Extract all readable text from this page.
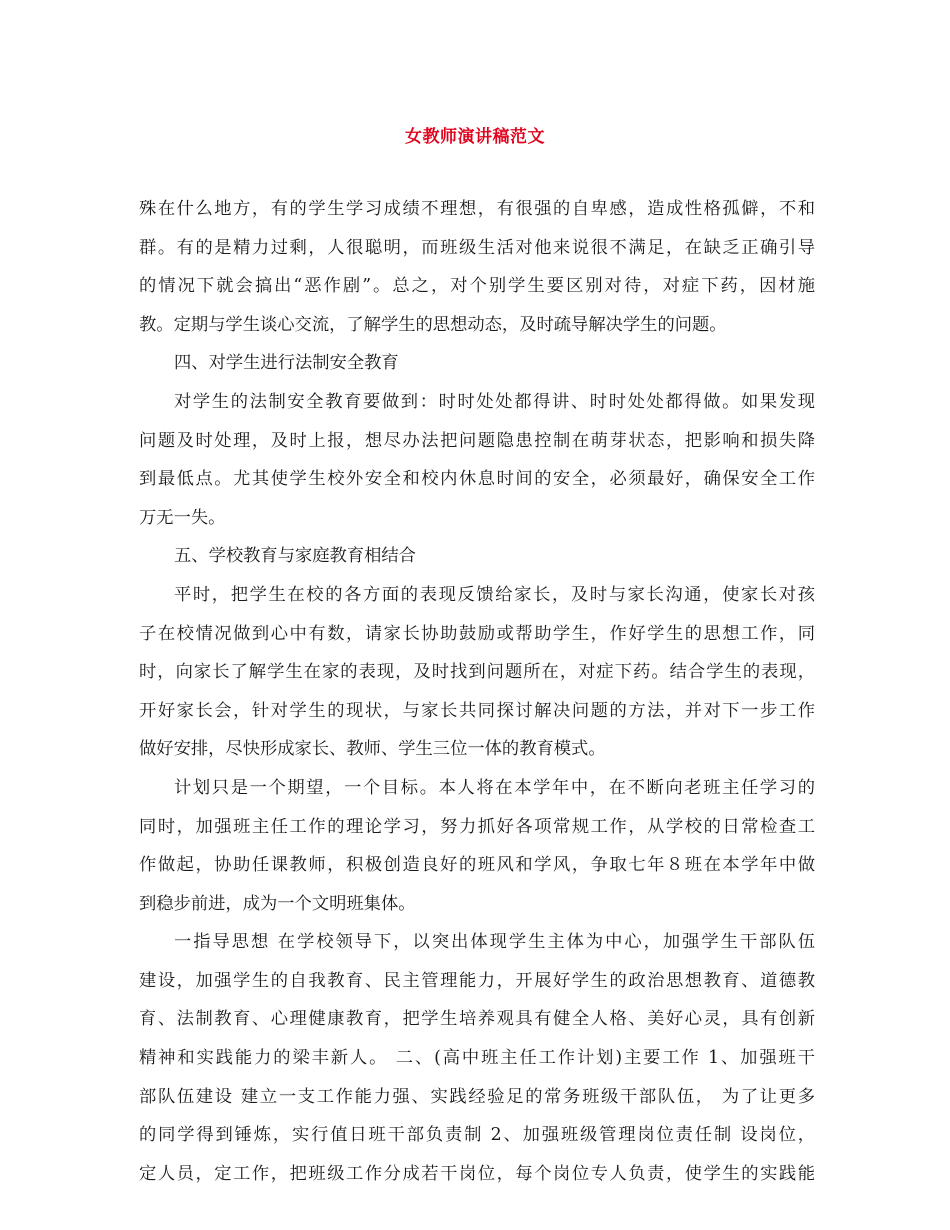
女教师演讲稿范文
殊在什么地方，有的学生学习成绩不理想，有很强的自卑感，造成性格孤僻，不和
群。有的是精力过剩，人很聪明，而班级生活对他来说很不满足，在缺乏正确引导
的情况下就会搞出“恶作剧”。总之，对个别学生要区别对待，对症下药，因材施
教。定期与学生谈心交流，了解学生的思想动态，及时疏导解决学生的问题。
四、对学生进行法制安全教育
对学生的法制安全教育要做到：时时处处都得讲、时时处处都得做。如果发现
问题及时处理，及时上报，想尽办法把问题隐患控制在萌芽状态，把影响和损失降
到最低点。尤其使学生校外安全和校内休息时间的安全，必须最好，确保安全工作
万无一失。
五、学校教育与家庭教育相结合
平时，把学生在校的各方面的表现反馈给家长，及时与家长沟通，使家长对孩
子在校情况做到心中有数，请家长协助鼓励或帮助学生，作好学生的思想工作，同
时，向家长了解学生在家的表现，及时找到问题所在，对症下药。结合学生的表现，
开好家长会，针对学生的现状，与家长共同探讨解决问题的方法，并对下一步工作
做好安排，尽快形成家长、教师、学生三位一体的教育模式。
计划只是一个期望，一个目标。本人将在本学年中，在不断向老班主任学习的
同时，加强班主任工作的理论学习，努力抓好各项常规工作，从学校的日常检查工
作做起，协助任课教师，积极创造良好的班风和学风，争取七年８班在本学年中做
到稳步前进，成为一个文明班集体。
一指导思想 在学校领导下，以突出体现学生主体为中心，加强学生干部队伍
建设，加强学生的自我教育、民主管理能力，开展好学生的政治思想教育、道德教
育、法制教育、心理健康教育，把学生培养观具有健全人格、美好心灵，具有创新
精神和实践能力的梁丰新人。 二、(高中班主任工作计划)主要工作 1、加强班干
部队伍建设 建立一支工作能力强、实践经验足的常务班级干部队伍， 为了让更多
的同学得到锤炼，实行值日班干部负责制 2、加强班级管理岗位责任制 设岗位，
定人员，定工作，把班级工作分成若干岗位，每个岗位专人负责，使学生的实践能
